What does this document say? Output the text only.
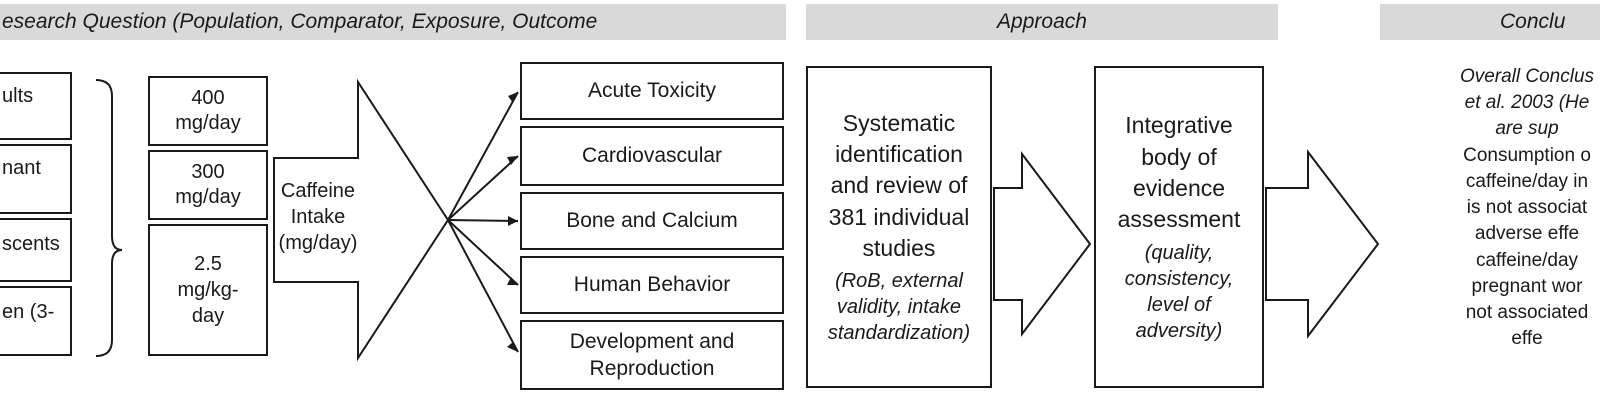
esearch Question (Population, Comparator, Exposure, Outcome	Approach	Conclu
ults
nant
scents
en (3-
400
mg/day
300
mg/day
2.5
mg/kg-
day
Acute Toxicity
Cardiovascular
Bone and Calcium
Human Behavior
Development and
Reproduction
Systematic
identification
and review of
381 individual
studies
(RoB, external
validity, intake
standardization)
Integrative
body of
evidence
assessment
(quality,
consistency,
level of
adversity)
Overall Conclus
et al. 2003 (He
are sup
Consumption o
caffeine/day in
is not associat
adverse effe
caffeine/day
pregnant wor
not associated
effe
Caffeine
Intake
(mg/day)
